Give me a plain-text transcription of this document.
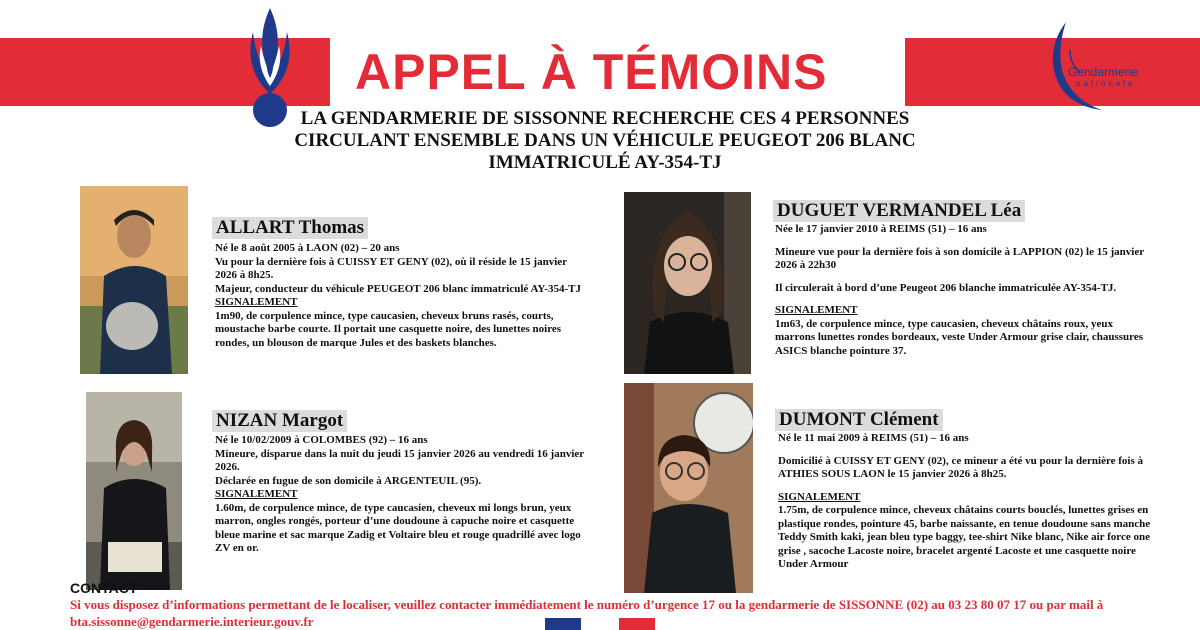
APPEL À TÉMOINS	Gendarmerie
nationale
LA GENDARMERIE DE SISSONNE RECHERCHE CES 4 PERSONNES
CIRCULANT ENSEMBLE DANS UN VÉHICULE PEUGEOT 206 BLANC
IMMATRICULÉ AY-354-TJ
ALLART Thomas

Né le 8 août 2005 à LAON (02) – 20 ans

Vu pour la dernière fois à CUISSY ET GENY (02), où il réside le 15 janvier 2026 à 8h25.

Majeur, conducteur du véhicule PEUGEOT 206 blanc immatriculé AY-354-TJ

SIGNALEMENT

1m90, de corpulence mince, type caucasien, cheveux bruns rasés, courts, moustache barbe courte. Il portait une casquette noire, des lunettes noires rondes, un blouson de marque Jules et des baskets blanches.

NIZAN Margot

Né le 10/02/2009 à COLOMBES (92) – 16 ans

Mineure, disparue dans la nuit du jeudi 15 janvier 2026 au vendredi 16 janvier 2026.

Déclarée en fugue de son domicile à ARGENTEUIL (95).

SIGNALEMENT

1.60m, de corpulence mince, de type caucasien, cheveux mi longs brun, yeux marron, ongles rongés, porteur d’une doudoune à capuche noire et casquette bleue marine et sac marque Zadig et Voltaire bleu et rouge quadrillé avec logo ZV en or.

DUGUET VERMANDEL Léa

Née le 17 janvier 2010 à REIMS (51) – 16 ans

Mineure vue pour la dernière fois à son domicile à LAPPION (02) le 15 janvier 2026 à 22h30

Il circulerait à bord d’une Peugeot 206 blanche immatriculée AY-354-TJ.

SIGNALEMENT

1m63, de corpulence mince, type caucasien, cheveux châtains roux, yeux marrons lunettes rondes bordeaux, veste Under Armour grise clair, chaussures ASICS blanche pointure 37.

DUMONT Clément

Né le 11 mai 2009 à REIMS (51) – 16 ans

Domicilié à CUISSY ET GENY (02), ce mineur a été vu pour la dernière fois à ATHIES SOUS LAON le 15 janvier 2026 à 8h25.

SIGNALEMENT

1.75m, de corpulence mince, cheveux châtains courts bouclés, lunettes grises en plastique rondes, pointure 45, barbe naissante, en tenue doudoune sans manche Teddy Smith kaki, jean bleu type baggy, tee-shirt Nike blanc, Nike air force one grise , sacoche Lacoste noire, bracelet argenté Lacoste et une casquette noire Under Armour

CONTACT
Si vous disposez d’informations permettant de le localiser, veuillez contacter immédiatement le numéro d’urgence 17 ou la gendarmerie de SISSONNE (02) au 03 23 80 07 17 ou par mail à bta.sissonne@gendarmerie.interieur.gouv.fr
